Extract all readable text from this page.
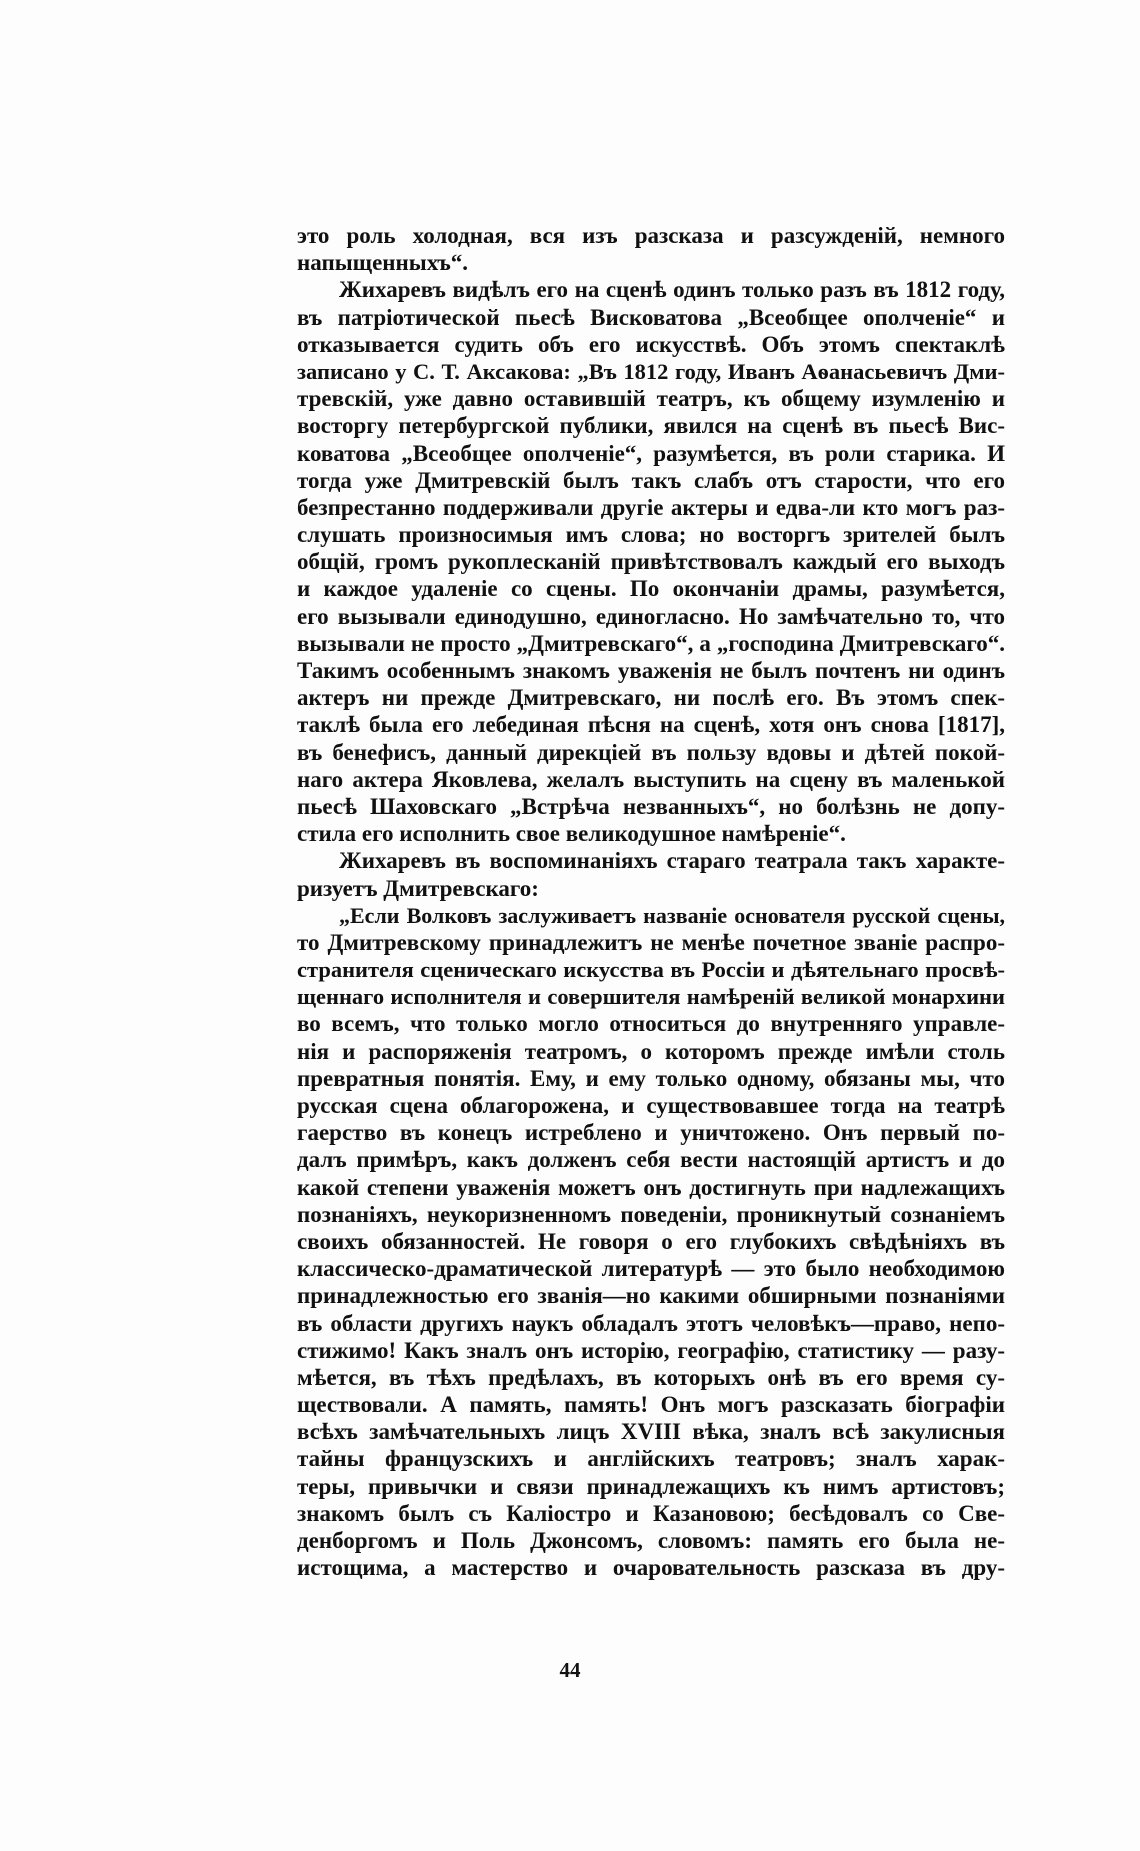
это роль холодная, вся изъ разсказа и разсужденій, немного
напыщенныхъ“.
Жихаревъ видѣлъ его на сценѣ одинъ только разъ въ 1812 году,
въ патріотической пьесѣ Висковатова „Всеобщее ополченіе“ и
отказывается судить объ его искусствѣ. Объ этомъ спектаклѣ
записано у С. Т. Аксакова: „Въ 1812 году, Иванъ Аѳанасьевичъ Дми-
тревскій, уже давно оставившій театръ, къ общему изумленію и
восторгу петербургской публики, явился на сценѣ въ пьесѣ Вис-
коватова „Всеобщее ополченіе“, разумѣется, въ роли старика. И
тогда уже Дмитревскій былъ такъ слабъ отъ старости, что его
безпрестанно поддерживали другіе актеры и едва-ли кто могъ раз-
слушать произносимыя имъ слова; но восторгъ зрителей былъ
общій, громъ рукоплесканій привѣтствовалъ каждый его выходъ
и каждое удаленіе со сцены. По окончаніи драмы, разумѣется,
его вызывали единодушно, единогласно. Но замѣчательно то, что
вызывали не просто „Дмитревскаго“, а „господина Дмитревскаго“.
Такимъ особеннымъ знакомъ уваженія не былъ почтенъ ни одинъ
актеръ ни прежде Дмитревскаго, ни послѣ его. Въ этомъ спек-
таклѣ была его лебединая пѣсня на сценѣ, хотя онъ снова [1817],
въ бенефисъ, данный дирекціей въ пользу вдовы и дѣтей покой-
наго актера Яковлева, желалъ выступить на сцену въ маленькой
пьесѣ Шаховскаго „Встрѣча незванныхъ“, но болѣзнь не допу-
стила его исполнить свое великодушное намѣреніе“.
Жихаревъ въ воспоминаніяхъ стараго театрала такъ характе-
ризуетъ Дмитревскаго:
„Если Волковъ заслуживаетъ названіе основателя русской сцены,
то Дмитревскому принадлежитъ не менѣе почетное званіе распро-
странителя сценическаго искусства въ Россіи и дѣятельнаго просвѣ-
щеннаго исполнителя и совершителя намѣреній великой монархини
во всемъ, что только могло относиться до внутренняго управле-
нія и распоряженія театромъ, о которомъ прежде имѣли столь
превратныя понятія. Ему, и ему только одному, обязаны мы, что
русская сцена облагорожена, и существовавшее тогда на театрѣ
гаерство въ конецъ истреблено и уничтожено. Онъ первый по-
далъ примѣръ, какъ долженъ себя вести настоящій артистъ и до
какой степени уваженія можетъ онъ достигнуть при надлежащихъ
познаніяхъ, неукоризненномъ поведеніи, проникнутый сознаніемъ
своихъ обязанностей. Не говоря о его глубокихъ свѣдѣніяхъ въ
классическо-драматической литературѣ — это было необходимою
принадлежностью его званія—но какими обширными познаніями
въ области другихъ наукъ обладалъ этотъ человѣкъ—право, непо-
стижимо! Какъ зналъ онъ исторію, географію, статистику — разу-
мѣется, въ тѣхъ предѣлахъ, въ которыхъ онѣ въ его время су-
ществовали. А память, память! Онъ могъ разсказать біографіи
всѣхъ замѣчательныхъ лицъ XVIII вѣка, зналъ всѣ закулисныя
тайны французскихъ и англійскихъ театровъ; зналъ харак-
теры, привычки и связи принадлежащихъ къ нимъ артистовъ;
знакомъ былъ съ Каліостро и Казановою; бесѣдовалъ со Све-
денборгомъ и Поль Джонсомъ, словомъ: память его была не-
истощима, а мастерство и очаровательность разсказа въ дру-
44
